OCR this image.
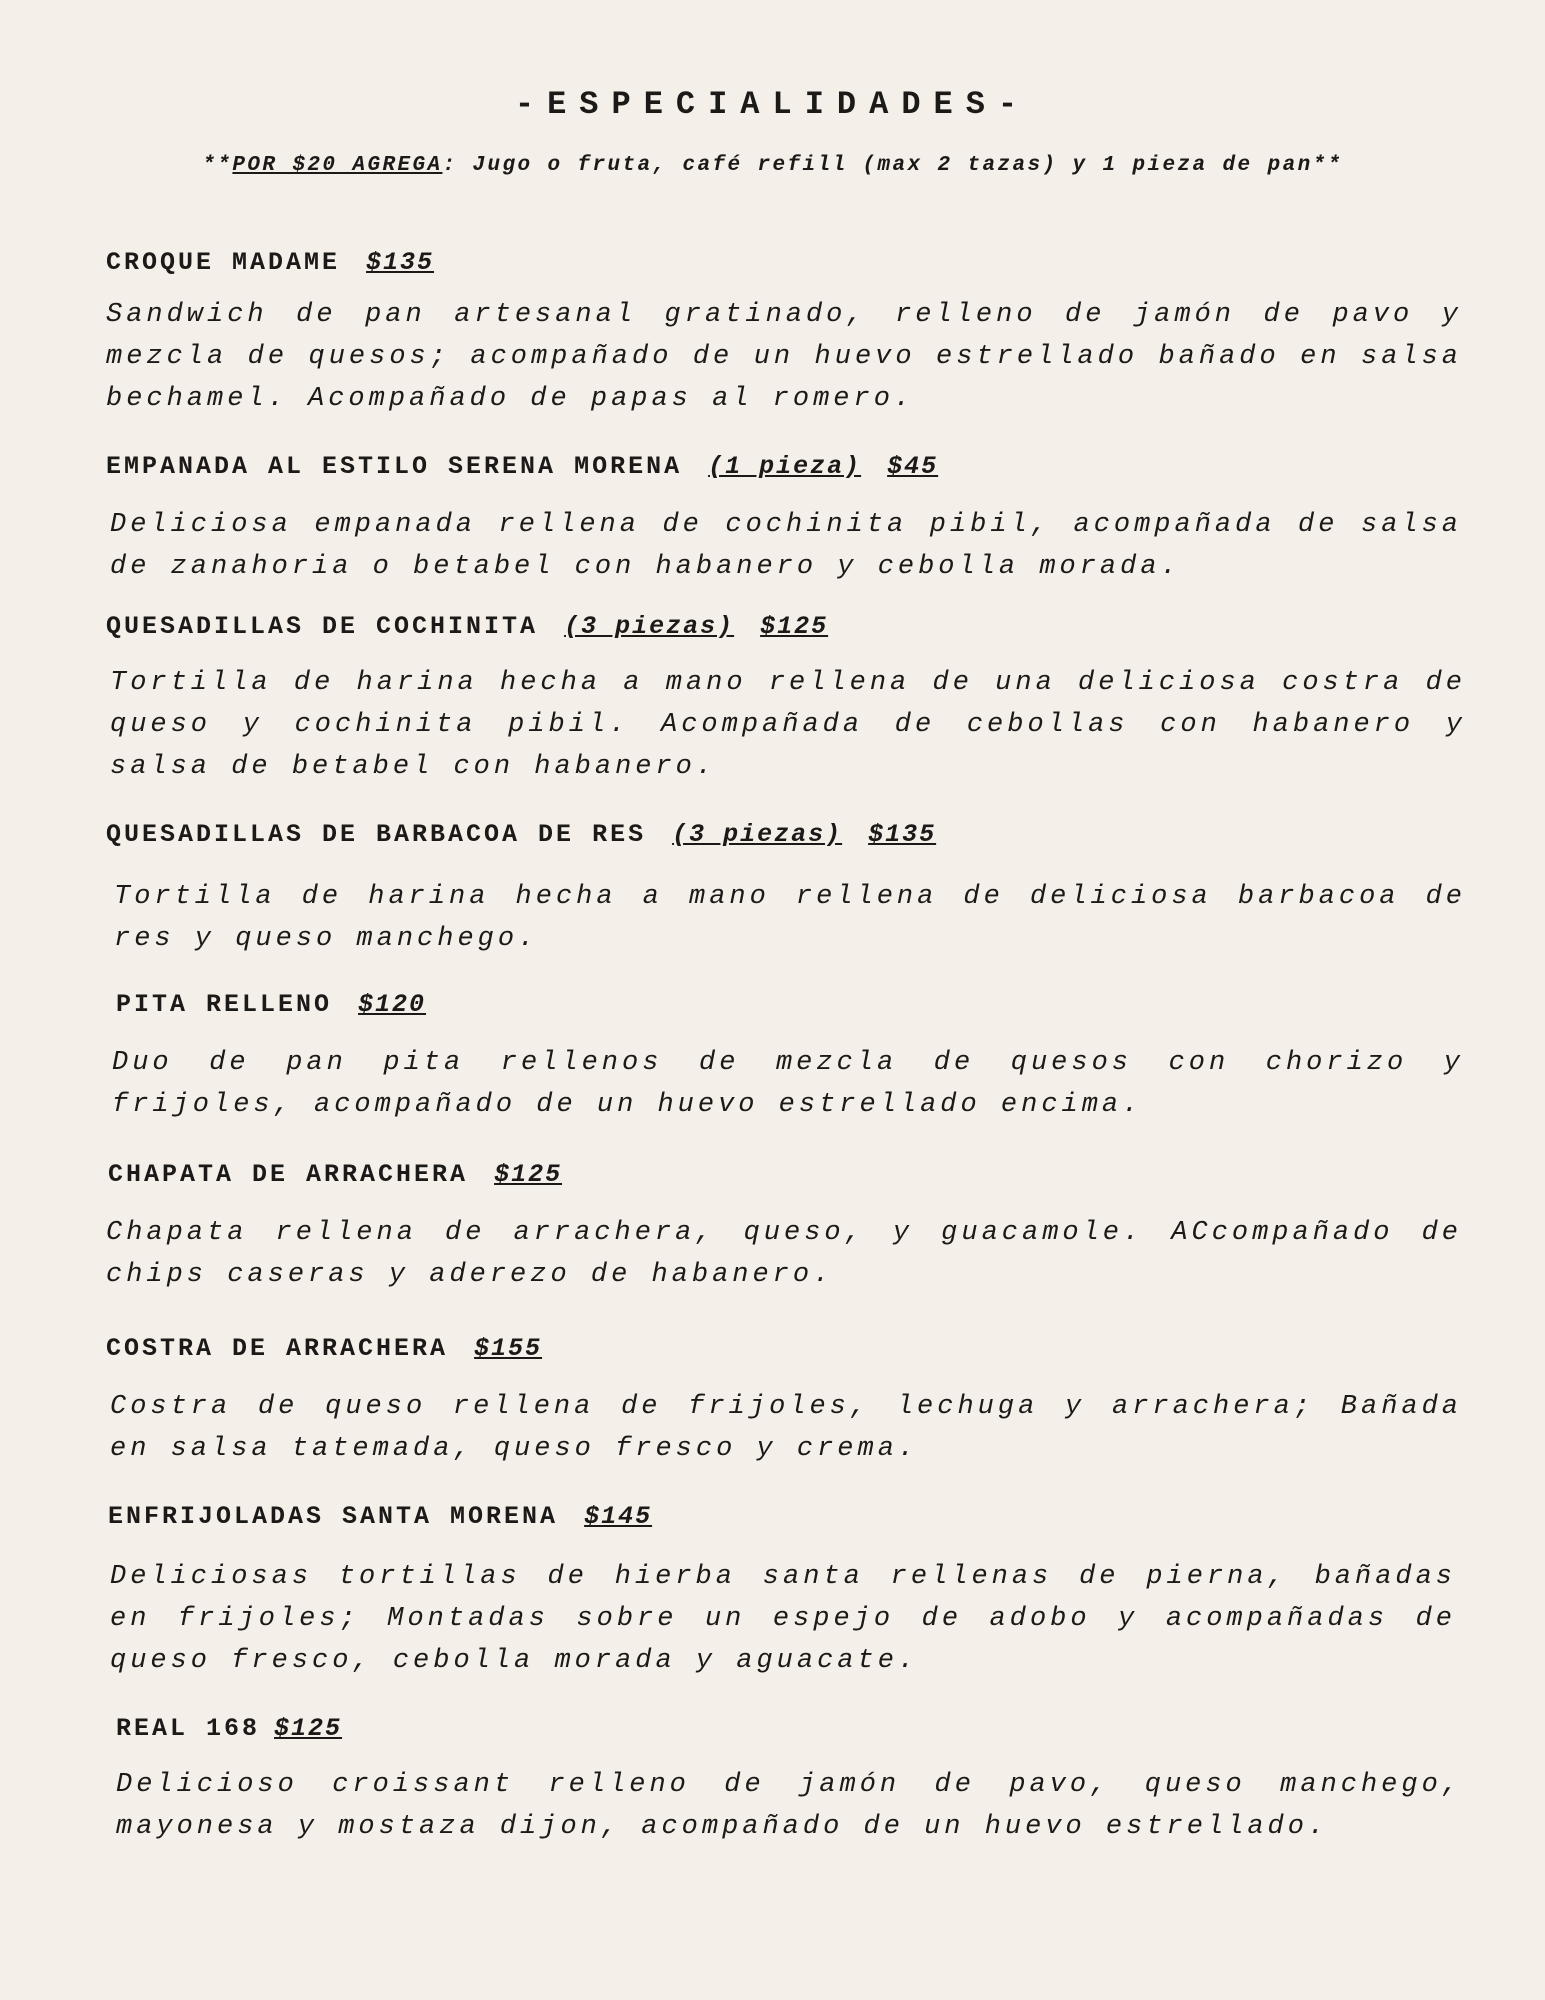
-ESPECIALIDADES-
**POR $20 AGREGA: Jugo o fruta, café refill (max 2 tazas) y 1 pieza de pan**
CROQUE MADAME $135

Sandwich de pan artesanal gratinado, relleno de jamón de pavo y mezcla de quesos; acompañado de un huevo estrellado bañado en salsa bechamel. Acompañado de papas al romero.

EMPANADA AL ESTILO SERENA MORENA (1 pieza) $45

Deliciosa empanada rellena de cochinita pibil, acompañada de salsa de zanahoria o betabel con habanero y cebolla morada.

QUESADILLAS DE COCHINITA (3 piezas) $125

Tortilla de harina hecha a mano rellena de una deliciosa costra de queso y cochinita pibil. Acompañada de cebollas con habanero y salsa de betabel con habanero.

QUESADILLAS DE BARBACOA DE RES (3 piezas) $135

Tortilla de harina hecha a mano rellena de deliciosa barbacoa de res y queso manchego.

PITA RELLENO $120

Duo de pan pita rellenos de mezcla de quesos con chorizo y frijoles, acompañado de un huevo estrellado encima.

CHAPATA DE ARRACHERA $125

Chapata rellena de arrachera, queso, y guacamole. ACcompañado de chips caseras y aderezo de habanero.

COSTRA DE ARRACHERA $155

Costra de queso rellena de frijoles, lechuga y arrachera; Bañada en salsa tatemada, queso fresco y crema.

ENFRIJOLADAS SANTA MORENA $145

Deliciosas tortillas de hierba santa rellenas de pierna, bañadas en frijoles; Montadas sobre un espejo de adobo y acompañadas de queso fresco, cebolla morada y aguacate.

REAL 168 $125

Delicioso croissant relleno de jamón de pavo, queso manchego, mayonesa y mostaza dijon, acompañado de un huevo estrellado.
